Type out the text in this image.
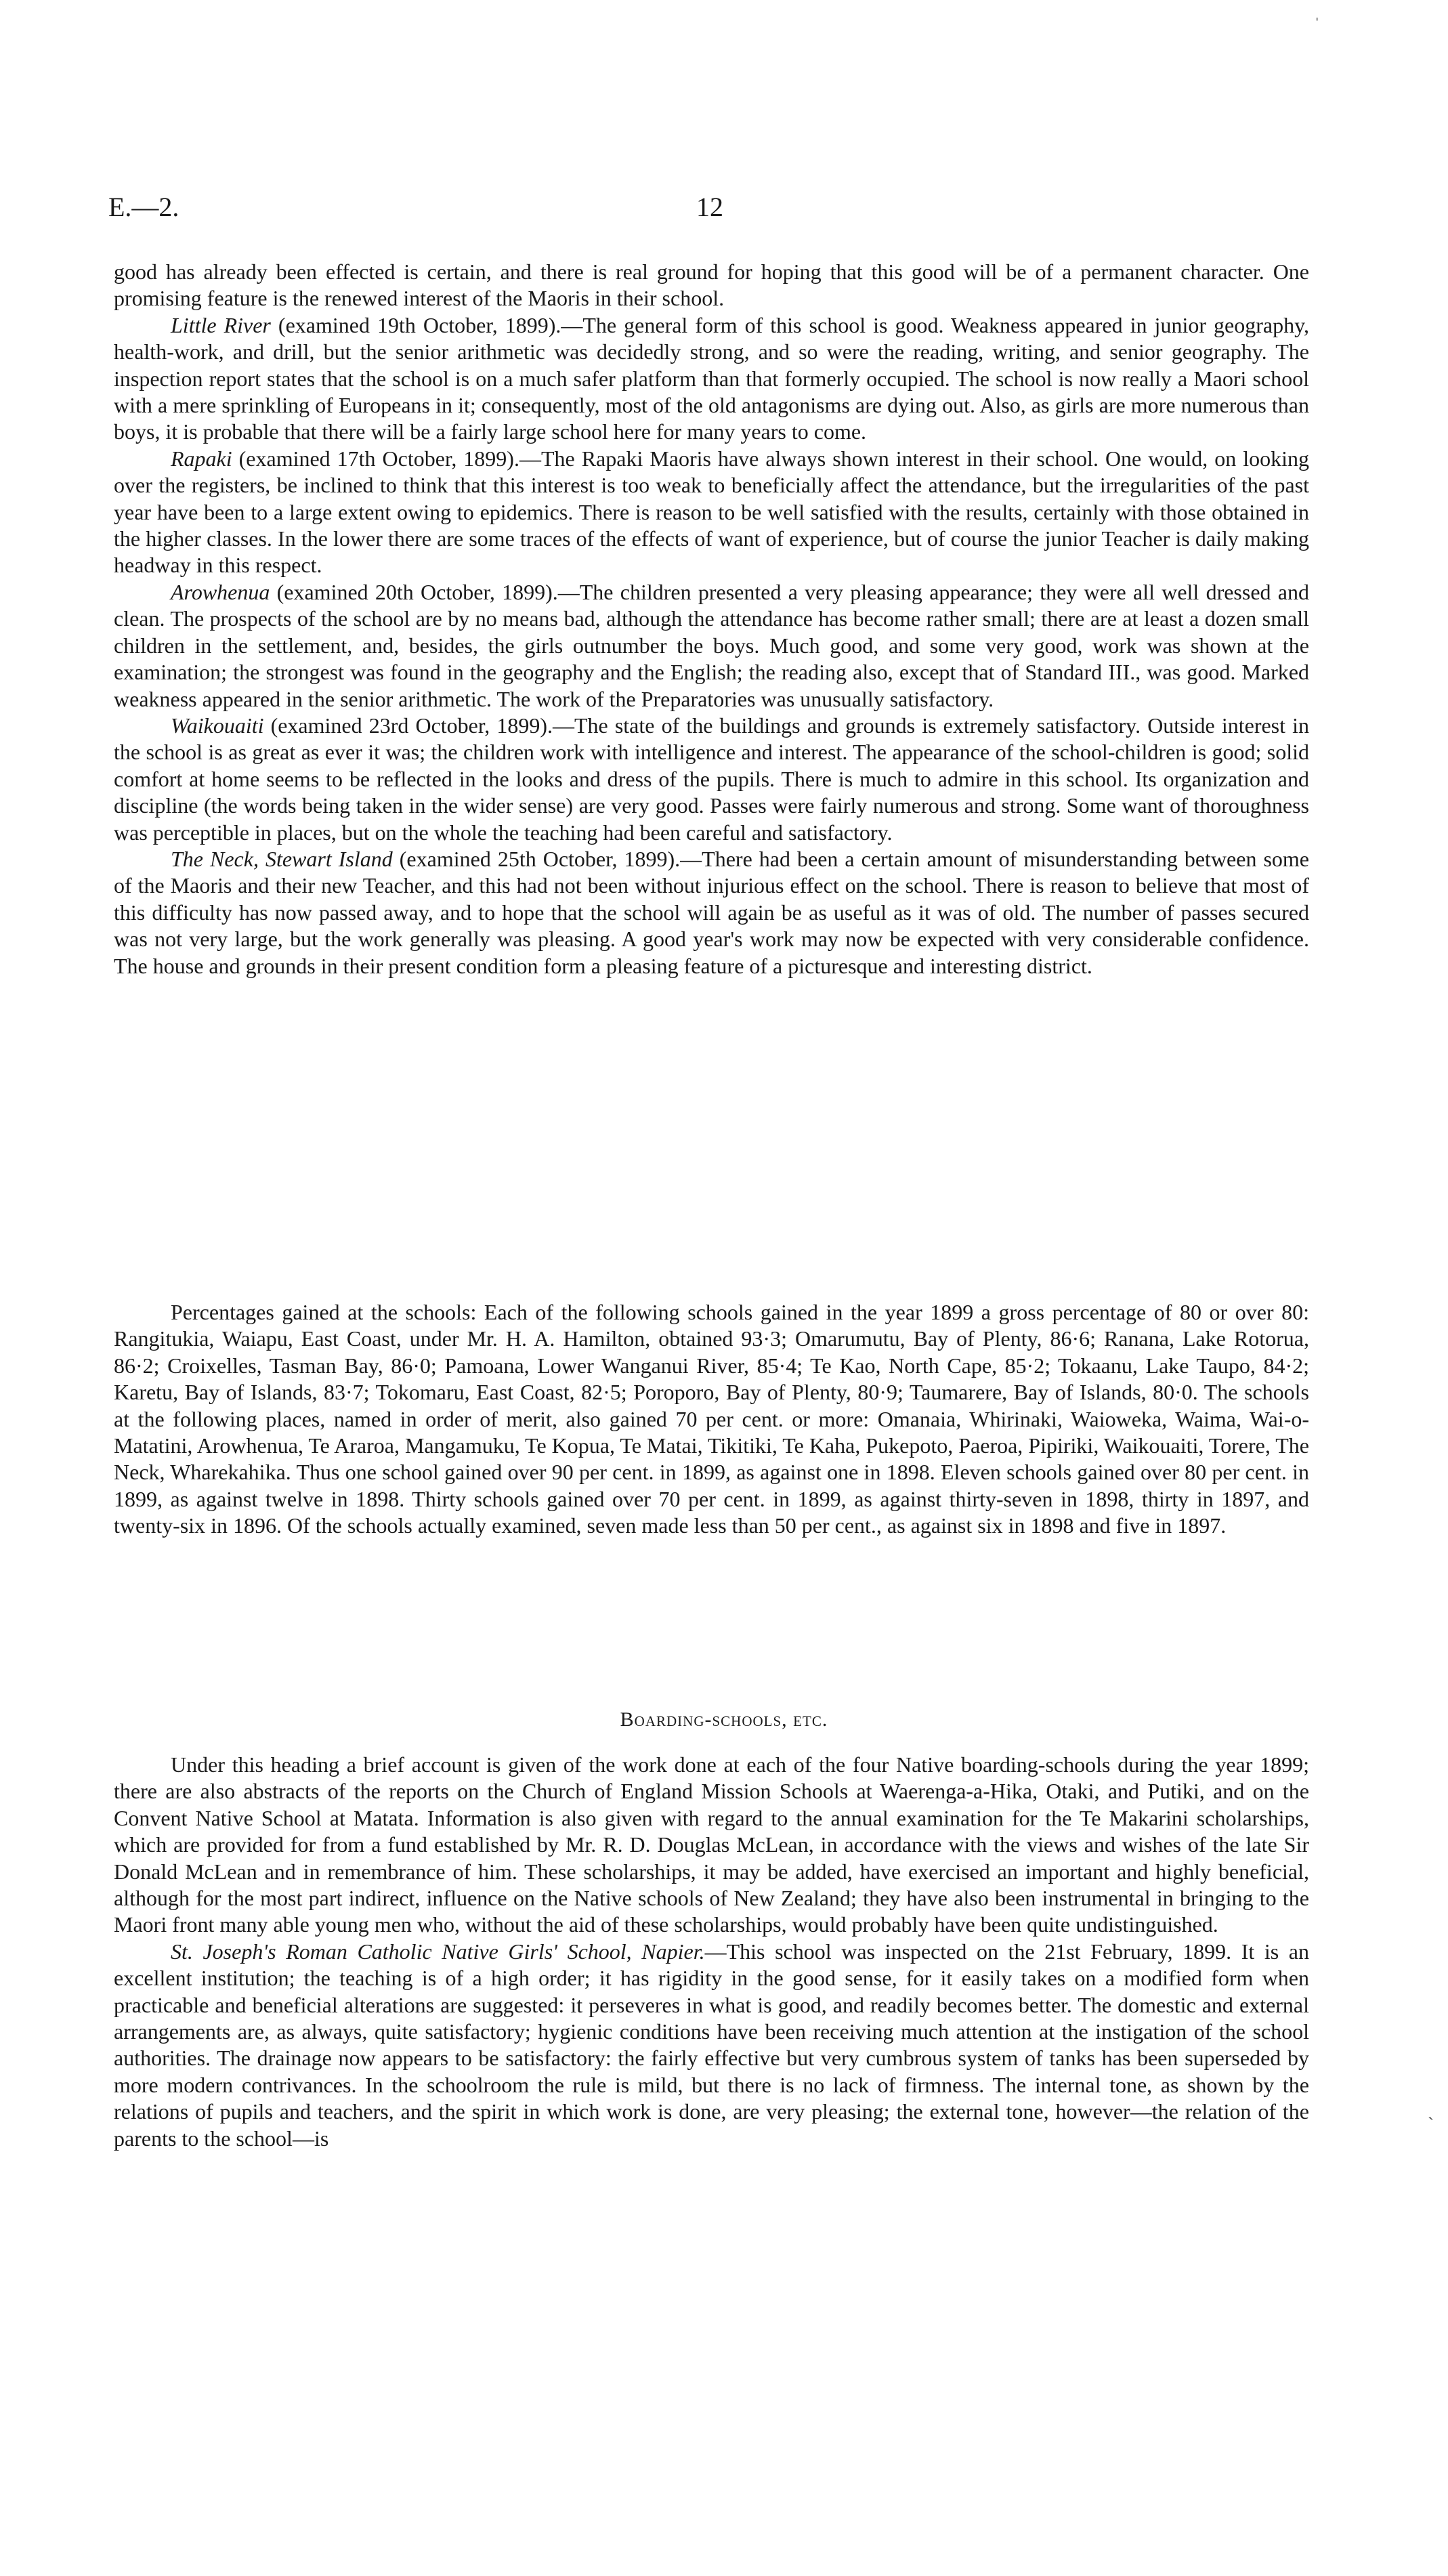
E.—2.	12

good has already been effected is certain, and there is real ground for hoping that this good will be of a permanent character. One promising feature is the renewed interest of the Maoris in their school.

Little River (examined 19th October, 1899).—The general form of this school is good. Weakness appeared in junior geography, health-work, and drill, but the senior arithmetic was decidedly strong, and so were the reading, writing, and senior geography. The inspection report states that the school is on a much safer platform than that formerly occupied. The school is now really a Maori school with a mere sprinkling of Europeans in it; consequently, most of the old antagonisms are dying out. Also, as girls are more numerous than boys, it is probable that there will be a fairly large school here for many years to come.

Rapaki (examined 17th October, 1899).—The Rapaki Maoris have always shown interest in their school. One would, on looking over the registers, be inclined to think that this interest is too weak to beneficially affect the attendance, but the irregularities of the past year have been to a large extent owing to epidemics. There is reason to be well satisfied with the results, certainly with those obtained in the higher classes. In the lower there are some traces of the effects of want of experience, but of course the junior Teacher is daily making headway in this respect.

Arowhenua (examined 20th October, 1899).—The children presented a very pleasing appearance; they were all well dressed and clean. The prospects of the school are by no means bad, although the attendance has become rather small; there are at least a dozen small children in the settlement, and, besides, the girls outnumber the boys. Much good, and some very good, work was shown at the examination; the strongest was found in the geography and the English; the reading also, except that of Standard III., was good. Marked weakness appeared in the senior arithmetic. The work of the Preparatories was unusually satisfactory.

Waikouaiti (examined 23rd October, 1899).—The state of the buildings and grounds is extremely satisfactory. Outside interest in the school is as great as ever it was; the children work with intelligence and interest. The appearance of the school-children is good; solid comfort at home seems to be reflected in the looks and dress of the pupils. There is much to admire in this school. Its organization and discipline (the words being taken in the wider sense) are very good. Passes were fairly numerous and strong. Some want of thoroughness was perceptible in places, but on the whole the teaching had been careful and satisfactory.

The Neck, Stewart Island (examined 25th October, 1899).—There had been a certain amount of misunderstanding between some of the Maoris and their new Teacher, and this had not been without injurious effect on the school. There is reason to believe that most of this difficulty has now passed away, and to hope that the school will again be as useful as it was of old. The number of passes secured was not very large, but the work generally was pleasing. A good year's work may now be expected with very considerable confidence. The house and grounds in their present condition form a pleasing feature of a picturesque and interesting district.

Percentages gained at the schools: Each of the following schools gained in the year 1899 a gross percentage of 80 or over 80: Rangitukia, Waiapu, East Coast, under Mr. H. A. Hamilton, obtained 93·3; Omarumutu, Bay of Plenty, 86·6; Ranana, Lake Rotorua, 86·2; Croixelles, Tasman Bay, 86·0; Pamoana, Lower Wanganui River, 85·4; Te Kao, North Cape, 85·2; Tokaanu, Lake Taupo, 84·2; Karetu, Bay of Islands, 83·7; Tokomaru, East Coast, 82·5; Poroporo, Bay of Plenty, 80·9; Taumarere, Bay of Islands, 80·0. The schools at the following places, named in order of merit, also gained 70 per cent. or more: Omanaia, Whirinaki, Waioweka, Waima, Wai-o-Matatini, Arowhenua, Te Araroa, Mangamuku, Te Kopua, Te Matai, Tikitiki, Te Kaha, Pukepoto, Paeroa, Pipiriki, Waikouaiti, Torere, The Neck, Wharekahika. Thus one school gained over 90 per cent. in 1899, as against one in 1898. Eleven schools gained over 80 per cent. in 1899, as against twelve in 1898. Thirty schools gained over 70 per cent. in 1899, as against thirty-seven in 1898, thirty in 1897, and twenty-six in 1896. Of the schools actually examined, seven made less than 50 per cent., as against six in 1898 and five in 1897.

Boarding-schools, etc.

Under this heading a brief account is given of the work done at each of the four Native boarding-schools during the year 1899; there are also abstracts of the reports on the Church of England Mission Schools at Waerenga-a-Hika, Otaki, and Putiki, and on the Convent Native School at Matata. Information is also given with regard to the annual examination for the Te Makarini scholarships, which are provided for from a fund established by Mr. R. D. Douglas McLean, in accordance with the views and wishes of the late Sir Donald McLean and in remembrance of him. These scholarships, it may be added, have exercised an important and highly beneficial, although for the most part indirect, influence on the Native schools of New Zealand; they have also been instrumental in bringing to the Maori front many able young men who, without the aid of these scholarships, would probably have been quite undistinguished.

St. Joseph's Roman Catholic Native Girls' School, Napier.—This school was inspected on the 21st February, 1899. It is an excellent institution; the teaching is of a high order; it has rigidity in the good sense, for it easily takes on a modified form when practicable and beneficial alterations are suggested: it perseveres in what is good, and readily becomes better. The domestic and external arrangements are, as always, quite satisfactory; hygienic conditions have been receiving much attention at the instigation of the school authorities. The drainage now appears to be satisfactory: the fairly effective but very cumbrous system of tanks has been superseded by more modern contrivances. In the schoolroom the rule is mild, but there is no lack of firmness. The internal tone, as shown by the relations of pupils and teachers, and the spirit in which work is done, are very pleasing; the external tone, however—the relation of the parents to the school—is

ˈ
ˏ
